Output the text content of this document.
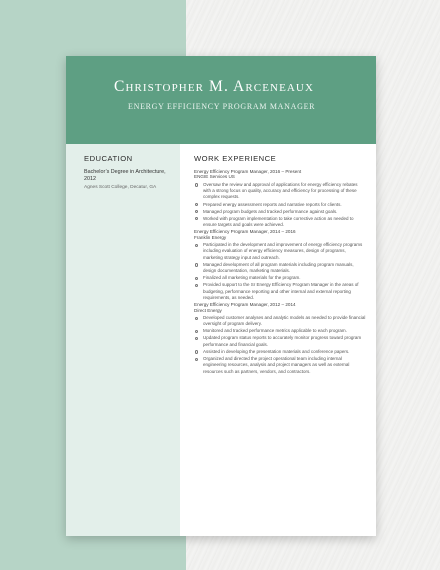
Christopher M. Arceneaux
ENERGY EFFICIENCY PROGRAM MANAGER
EDUCATION
Bachelor’s Degree in Architecture, 2012
Agnes Scott College, Decatur, GA
WORK EXPERIENCE
Energy Efficiency Program Manager, 2016 – Present
ENGIE Services US
Oversaw the review and approval of applications for energy efficiency rebates with a strong focus on quality, accuracy and efficiency for processing of these complex requests.
Prepared energy assessment reports and narrative reports for clients.
Managed program budgets and tracked performance against goals.
Worked with program implementation to take corrective action as needed to ensure targets and goals were achieved.
Energy Efficiency Program Manager, 2014 – 2016
Franklin Energy
Participated in the development and improvement of energy efficiency programs including evaluation of energy efficiency measures, design of programs, marketing strategy input and outreach.
Managed development of all program materials including program manuals, design documentation, marketing materials.
Finalized all marketing materials for the program.
Provided support to the Sr Energy Efficiency Program Manager in the areas of budgeting, performance reporting and other internal and external reporting requirements, as needed.
Energy Efficiency Program Manager, 2012 – 2014
Direct Energy
Developed customer analyses and analytic models as needed to provide financial oversight of program delivery.
Monitored and tracked performance metrics applicable to each program.
Updated program status reports to accurately monitor progress toward program performance and financial goals.
Assisted in developing the presentation materials and conference papers.
Organized and directed the project operational team including internal engineering resources, analysis and project managers as well as external resources such as partners, vendors, and contractors.
